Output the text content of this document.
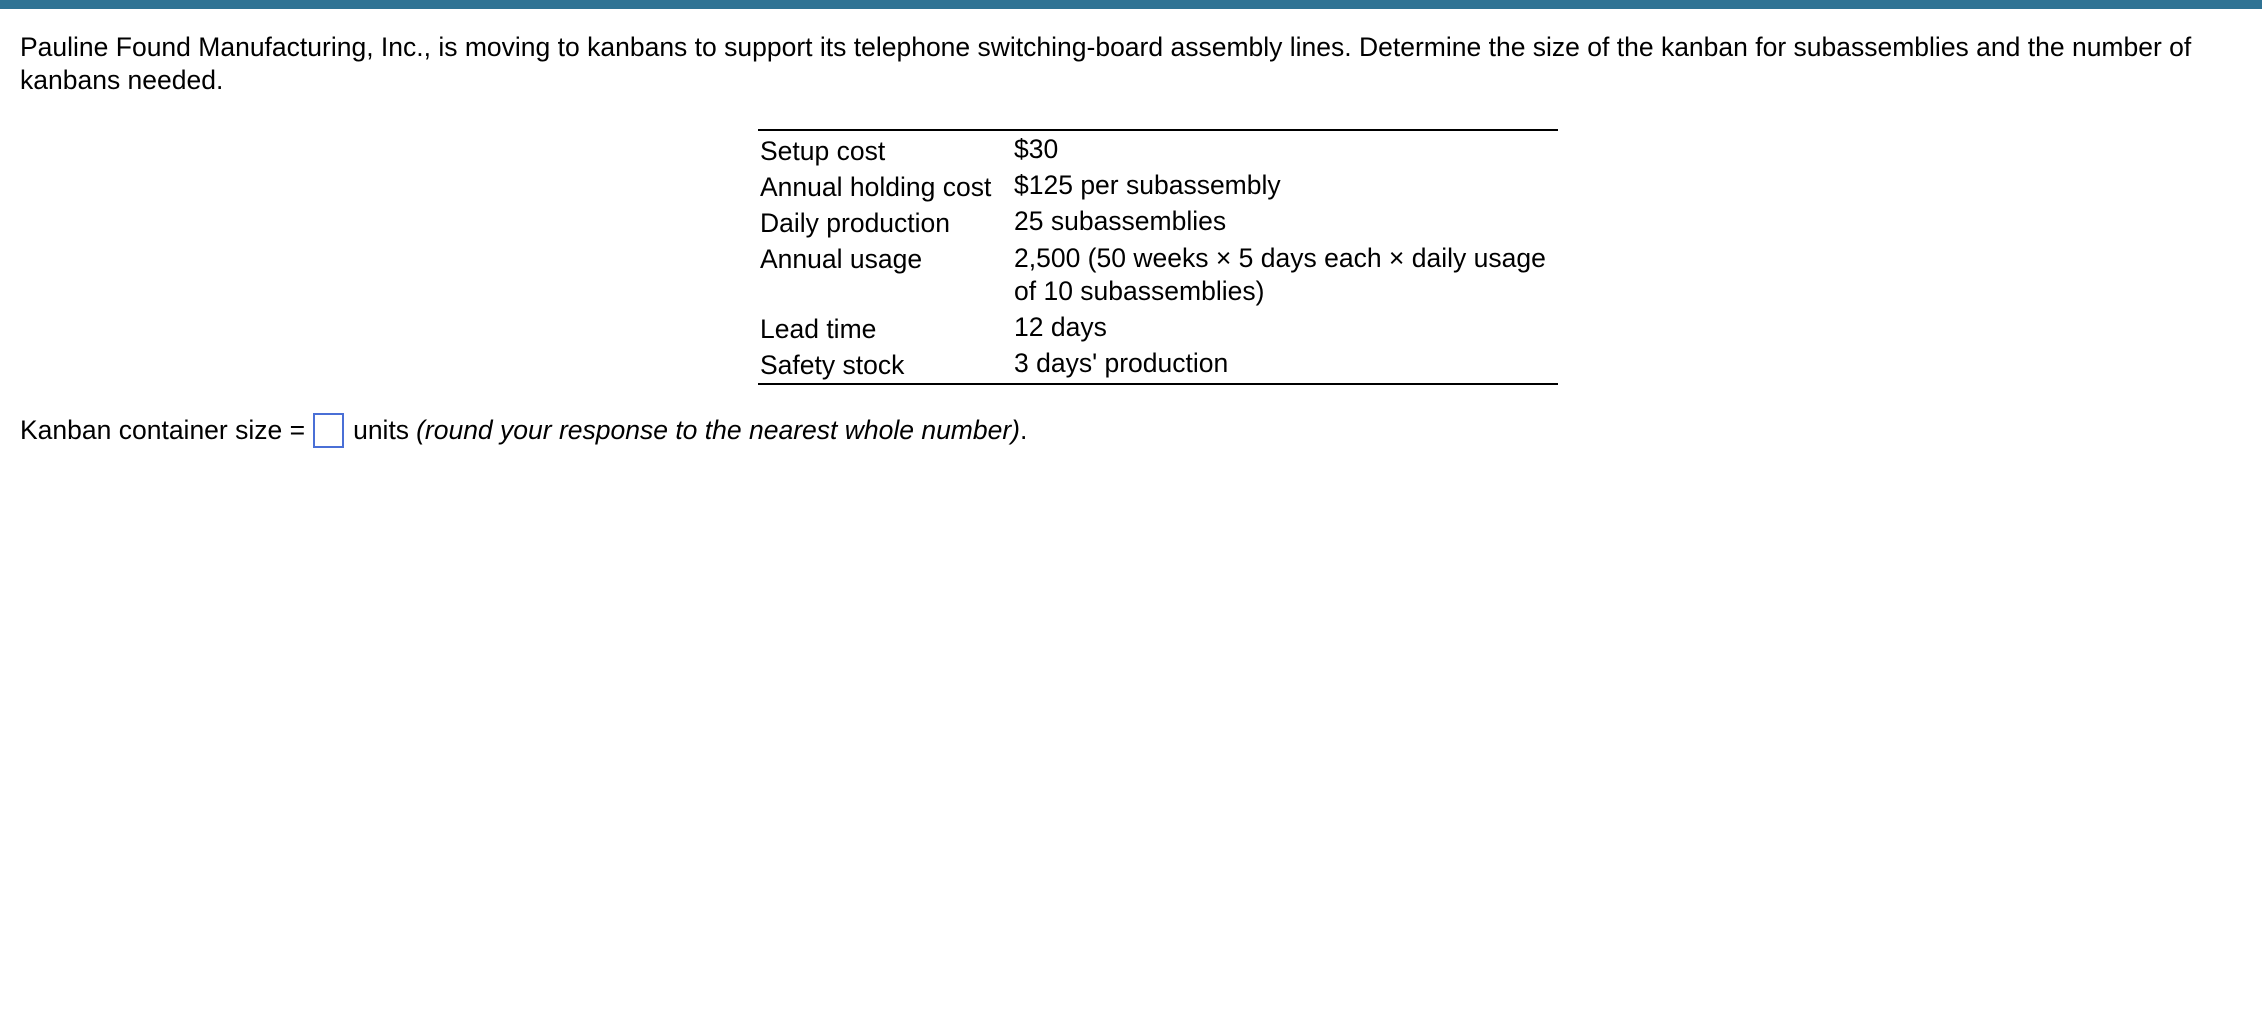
Pauline Found Manufacturing, Inc., is moving to kanbans to support its telephone switching-board assembly lines. Determine the size of the kanban for subassemblies and the number of kanbans needed.

Setup cost	$30
Annual holding cost	$125 per subassembly
Daily production	25 subassemblies
Annual usage	2,500 (50 weeks × 5 days each × daily usage of 10 subassemblies)
Lead time	12 days
Safety stock	3 days' production
Kanban container size = units (round your response to the nearest whole number) .
